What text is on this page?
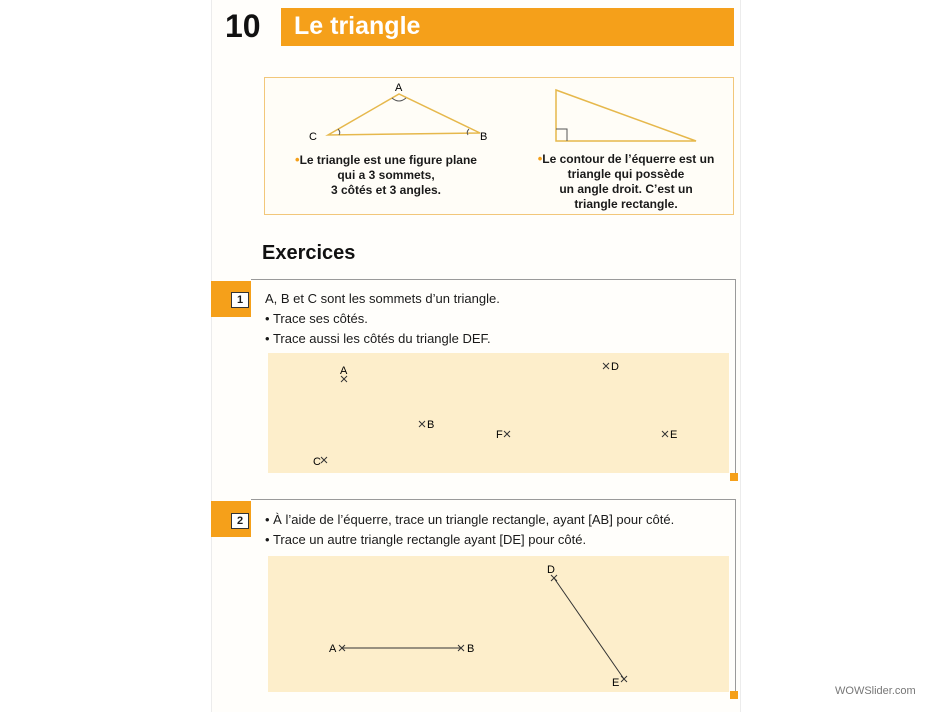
10 Le triangle
A
C	B
•Le triangle est une figure plane
qui a 3 sommets,
3 côtés et 3 angles.
•Le contour de l’équerre est un
triangle qui possède
un angle droit. C’est un
triangle rectangle.
Exercices
1	A, B et C sont les sommets d’un triangle.
• Trace ses côtés.
• Trace aussi les côtés du triangle DEF.
A	D
B
F	E
C
2	• À l’aide de l’équerre, trace un triangle rectangle, ayant [AB] pour côté.
• Trace un autre triangle rectangle ayant [DE] pour côté.
A	B
D
E
WOWSlider.com
